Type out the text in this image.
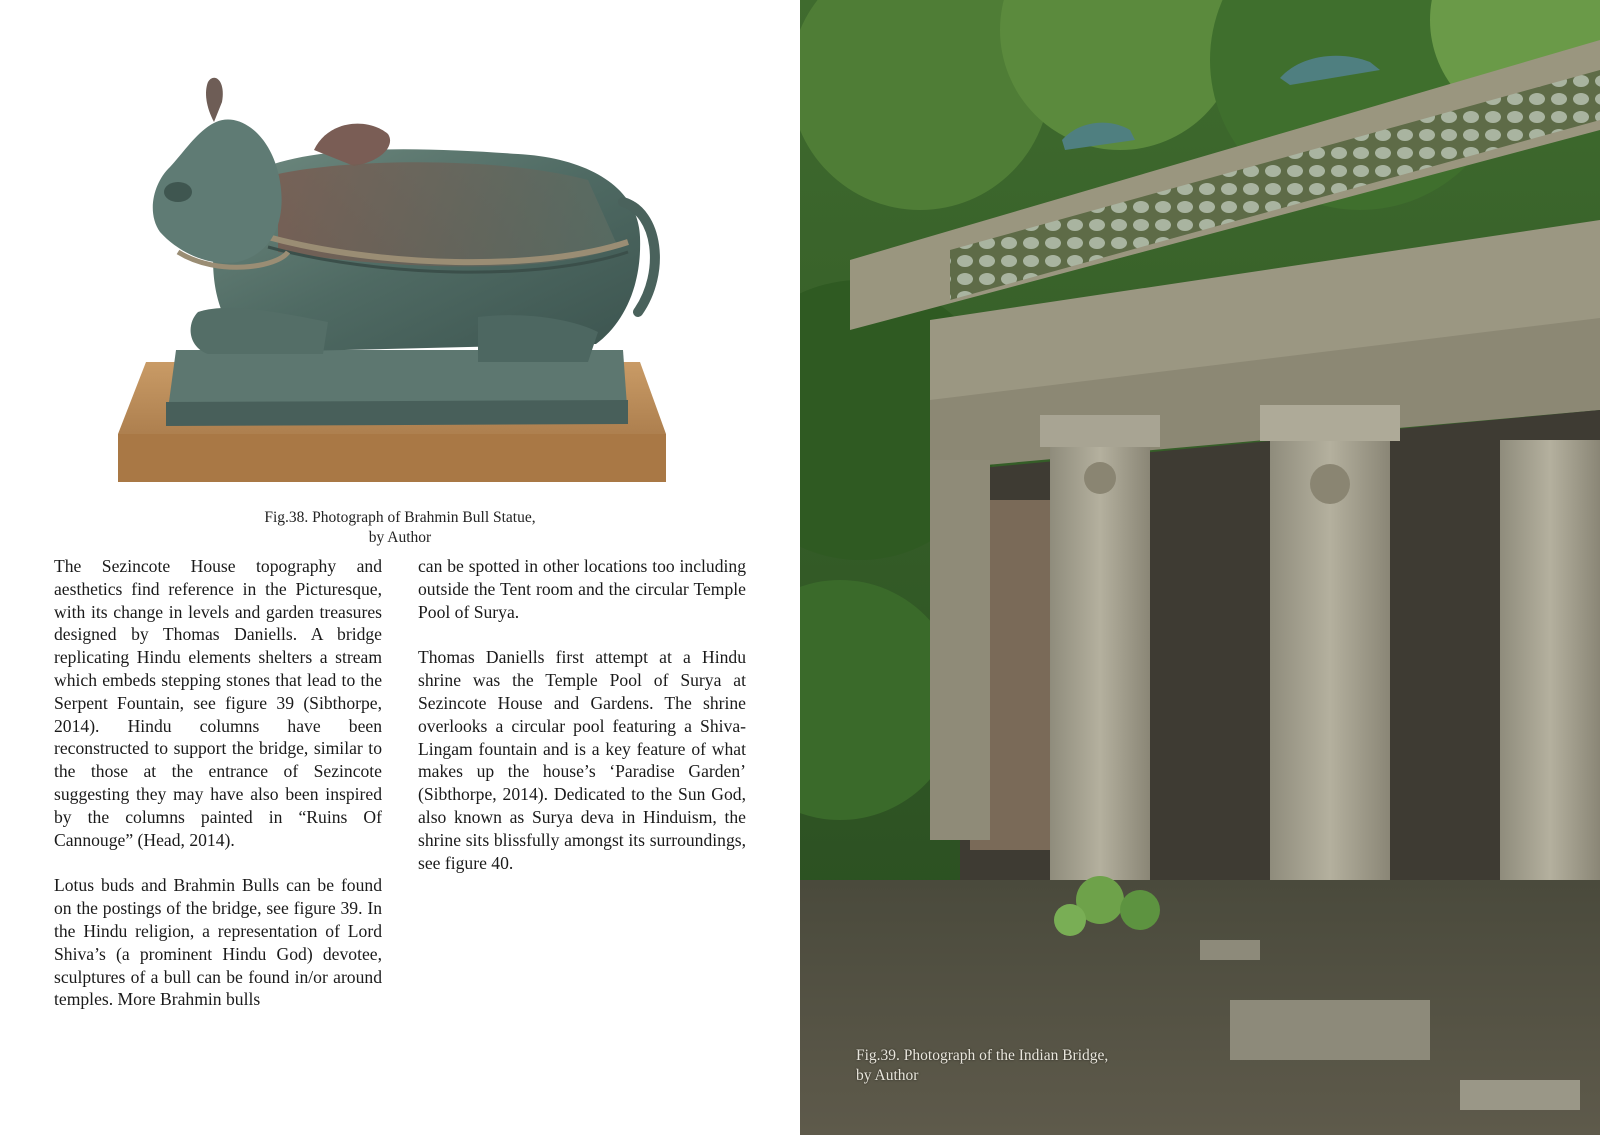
Fig.38. Photograph of Brahmin Bull Statue,
by Author

The Sezincote House topography and aesthetics find reference in the Picturesque, with its change in levels and garden treasures designed by Thomas Daniells. A bridge replicating Hindu elements shelters a stream which embeds stepping stones that lead to the Serpent Fountain, see figure 39 (Sibthorpe, 2014). Hindu columns have been reconstructed to support the bridge, similar to the those at the entrance of Sezincote suggesting they may have also been inspired by the columns painted in “Ruins Of Cannouge” (Head, 2014).

Lotus buds and Brahmin Bulls can be found on the postings of the bridge, see figure 39. In the Hindu religion, a representation of Lord Shiva’s (a prominent Hindu God) devotee, sculptures of a bull can be found in/or around temples. More Brahmin bulls

can be spotted in other locations too including outside the Tent room and the circular Temple Pool of Surya.

Thomas Daniells first attempt at a Hindu shrine was the Temple Pool of Surya at Sezincote House and Gardens. The shrine overlooks a circular pool featuring a Shiva-Lingam fountain and is a key feature of what makes up the house’s ‘Paradise Garden’ (Sibthorpe, 2014). Dedicated to the Sun God, also known as Surya deva in Hinduism, the shrine sits blissfully amongst its surroundings, see figure 40.

Fig.39. Photograph of the Indian Bridge,
by Author
